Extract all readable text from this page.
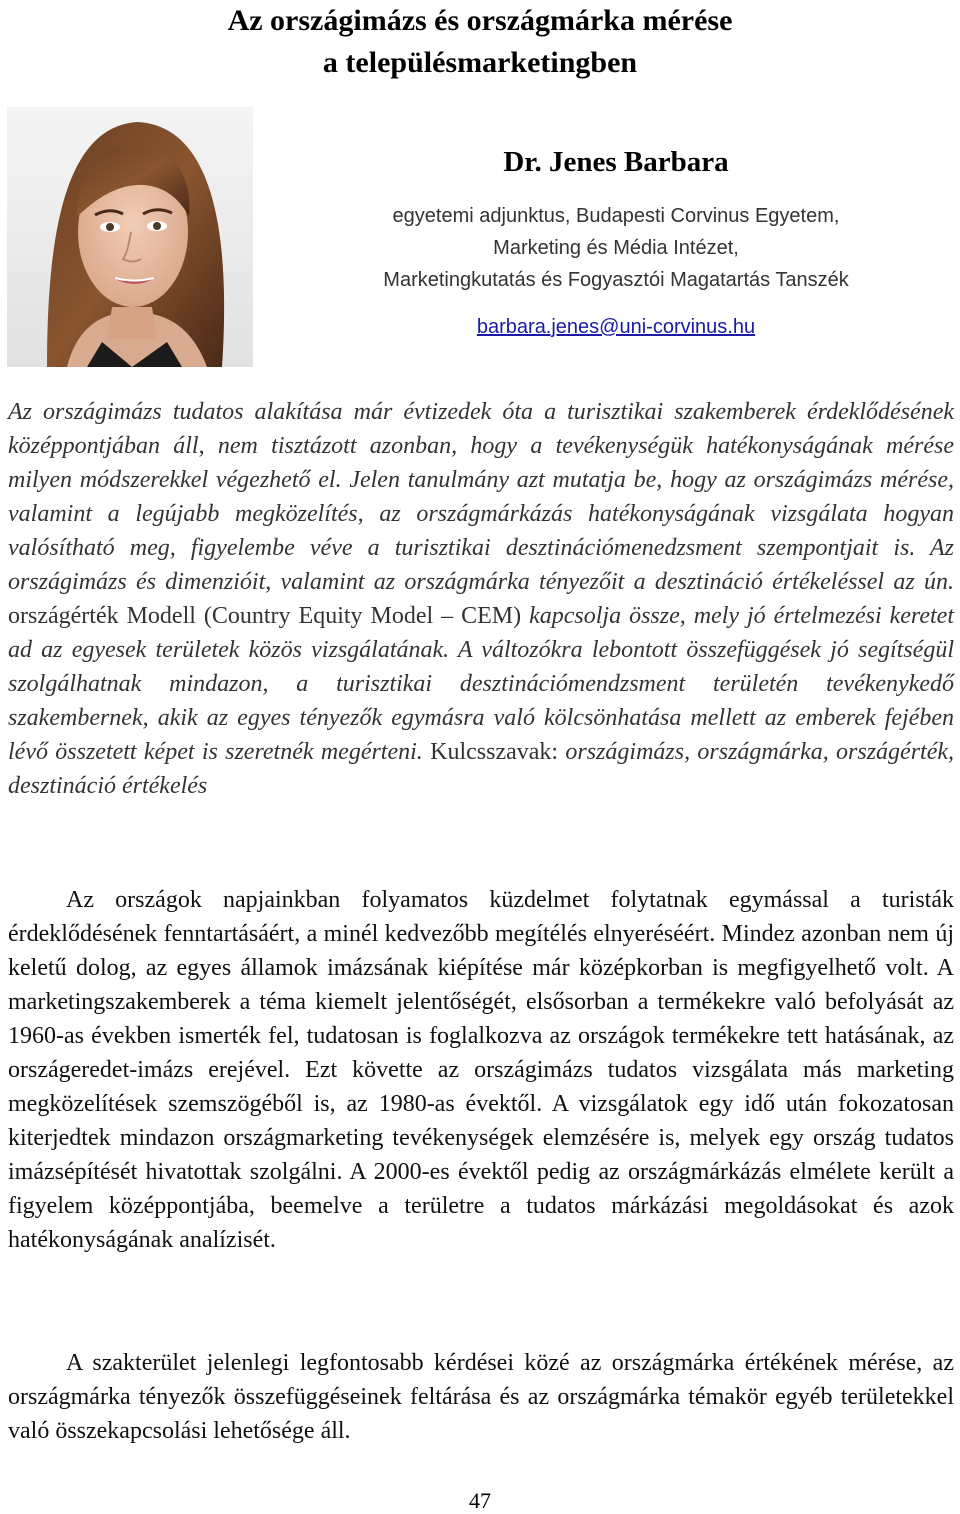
Az országimázs és országmárka mérése
a településmarketingben
Dr. Jenes Barbara
egyetemi adjunktus, Budapesti Corvinus Egyetem,
Marketing és Média Intézet,
Marketingkutatás és Fogyasztói Magatartás Tanszék
barbara.jenes@uni-corvinus.hu

Az országimázs tudatos alakítása már évtizedek óta a turisztikai szakemberek érdeklődésének középpontjában áll, nem tisztázott azonban, hogy a tevékenységük hatékonyságának mérése milyen módszerekkel végezhető el. Jelen tanulmány azt mutatja be, hogy az országimázs mérése, valamint a legújabb megközelítés, az országmárkázás hatékonyságának vizsgálata hogyan valósítható meg, figyelembe véve a turisztikai desztinációmenedzsment szempontjait is. Az országimázs és dimenzióit, valamint az országmárka tényezőit a desztináció értékeléssel az ún. országérték Modell (Country Equity Model – CEM) kapcsolja össze, mely jó értelmezési keretet ad az egyesek területek közös vizsgálatának. A változókra lebontott összefüggések jó segítségül szolgálhatnak mindazon, a turisztikai desztinációmendzsment területén tevékenykedő szakembernek, akik az egyes tényezők egymásra való kölcsönhatása mellett az emberek fejében lévő összetett képet is szeretnék megérteni. Kulcsszavak: országimázs, országmárka, országérték, desztináció értékelés

Az országok napjainkban folyamatos küzdelmet folytatnak egymással a turisták érdeklődésének fenntartásáért, a minél kedvezőbb megítélés elnyeréséért. Mindez azonban nem új keletű dolog, az egyes államok imázsának kiépítése már középkorban is megfigyelhető volt. A marketingszakemberek a téma kiemelt jelentőségét, elsősorban a termékekre való befolyását az 1960-as években ismerték fel, tudatosan is foglalkozva az országok termékekre tett hatásának, az országeredet-imázs erejével. Ezt követte az országimázs tudatos vizsgálata más marketing megközelítések szemszögéből is, az 1980-as évektől. A vizsgálatok egy idő után fokozatosan kiterjedtek mindazon országmarketing tevékenységek elemzésére is, melyek egy ország tudatos imázsépítését hivatottak szolgálni. A 2000-es évektől pedig az országmárkázás elmélete került a figyelem középpontjába, beemelve a területre a tudatos márkázási megoldásokat és azok hatékonyságának analízisét.

A szakterület jelenlegi legfontosabb kérdései közé az országmárka értékének mérése, az országmárka tényezők összefüggéseinek feltárása és az országmárka témakör egyéb területekkel való összekapcsolási lehetősége áll.

47
